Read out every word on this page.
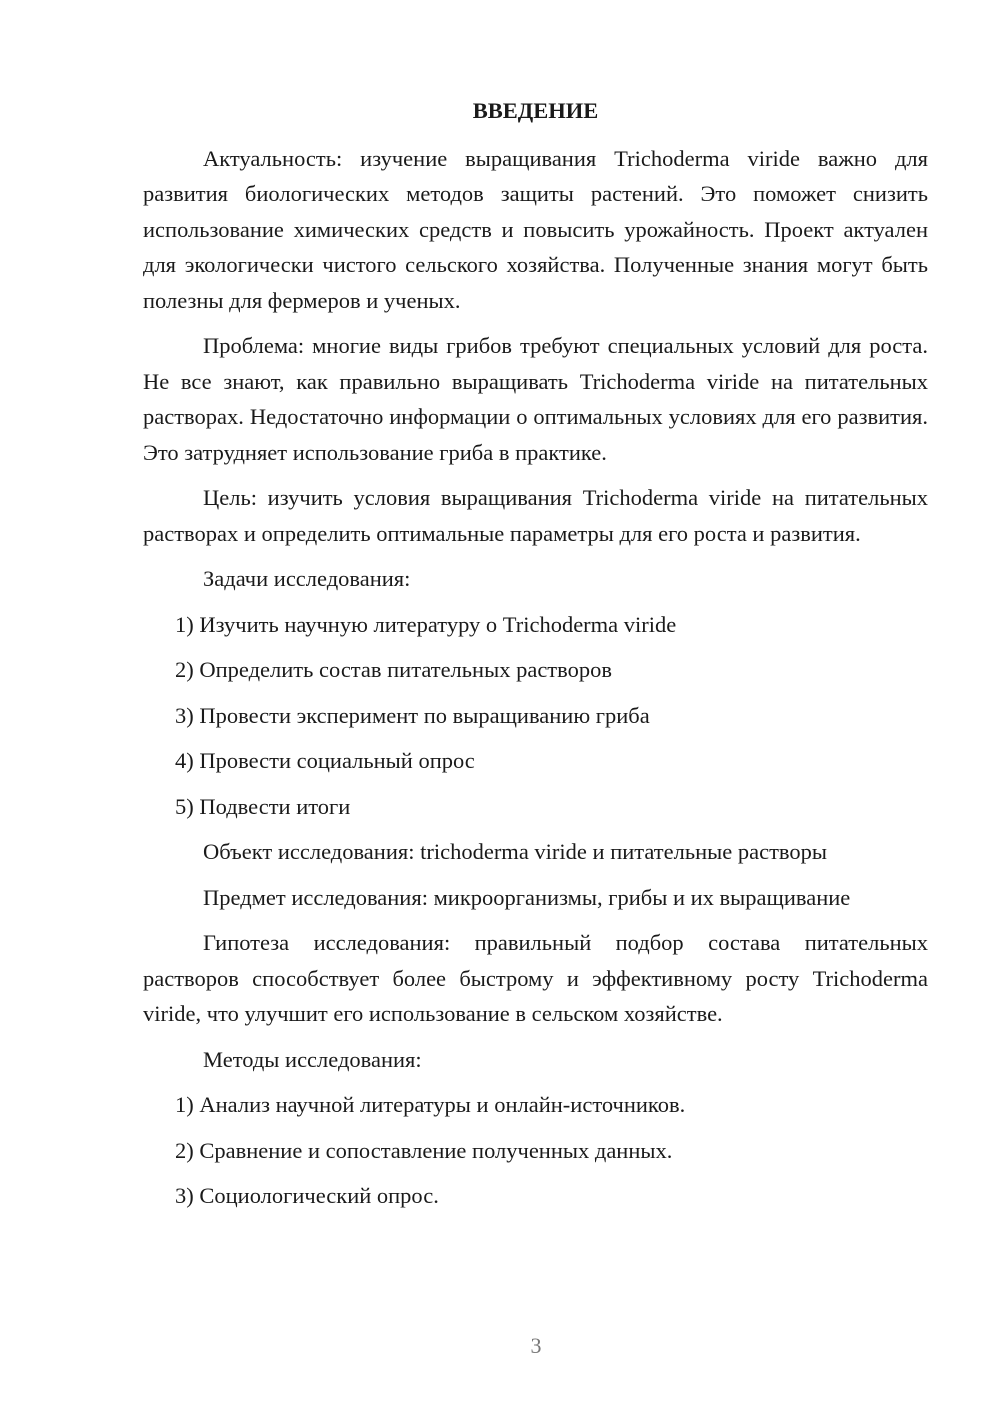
ВВЕДЕНИЕ
Актуальность: изучение выращивания Trichoderma viride важно для развития биологических методов защиты растений. Это поможет снизить использование химических средств и повысить урожайность. Проект актуален для экологически чистого сельского хозяйства. Полученные знания могут быть полезны для фермеров и ученых.
Проблема: многие виды грибов требуют специальных условий для роста. Не все знают, как правильно выращивать Trichoderma viride на питательных растворах. Недостаточно информации о оптимальных условиях для его развития. Это затрудняет использование гриба в практике.
Цель: изучить условия выращивания Trichoderma viride на питательных растворах и определить оптимальные параметры для его роста и развития.
Задачи исследования:
1) Изучить научную литературу о Trichoderma viride
2) Определить состав питательных растворов
3) Провести эксперимент по выращиванию гриба
4) Провести социальный опрос
5) Подвести итоги
Объект исследования: trichoderma viride и питательные растворы
Предмет исследования: микроорганизмы, грибы и их выращивание
Гипотеза исследования: правильный подбор состава питательных растворов способствует более быстрому и эффективному росту Trichoderma viride, что улучшит его использование в сельском хозяйстве.
Методы исследования:
1) Анализ научной литературы и онлайн-источников.
2) Сравнение и сопоставление полученных данных.
3) Социологический опрос.
3
